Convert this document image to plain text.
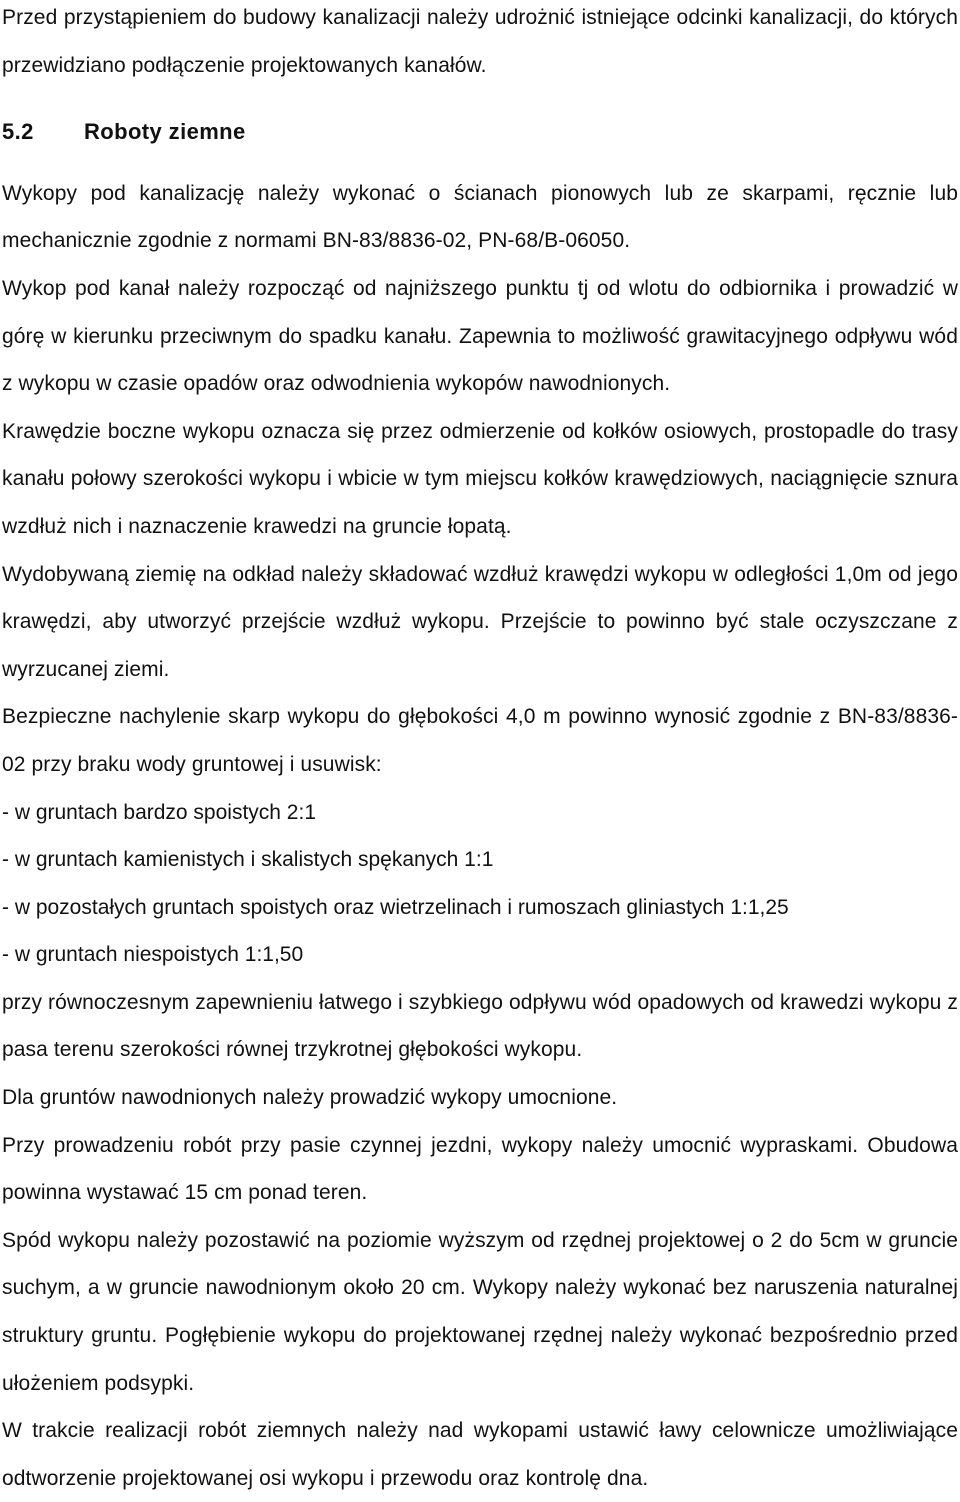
Przed przystąpieniem do budowy kanalizacji należy udrożnić istniejące odcinki kanalizacji, do których przewidziano podłączenie projektowanych kanałów.

5.2 Roboty ziemne

Wykopy pod kanalizację należy wykonać o ścianach pionowych lub ze skarpami, ręcznie lub mechanicznie zgodnie z normami BN-83/8836-02, PN-68/B-06050.

Wykop pod kanał należy rozpocząć od najniższego punktu tj od wlotu do odbiornika i prowadzić w górę w kierunku przeciwnym do spadku kanału. Zapewnia to możliwość grawitacyjnego odpływu wód z wykopu w czasie opadów oraz odwodnienia wykopów nawodnionych.

Krawędzie boczne wykopu oznacza się przez odmierzenie od kołków osiowych, prostopadle do trasy kanału połowy szerokości wykopu i wbicie w tym miejscu kołków krawędziowych, naciągnięcie sznura wzdłuż nich i naznaczenie krawedzi na gruncie łopatą.

Wydobywaną ziemię na odkład należy składować wzdłuż krawędzi wykopu w odległości 1,0m od jego krawędzi, aby utworzyć przejście wzdłuż wykopu. Przejście to powinno być stale oczyszczane z wyrzucanej ziemi.

Bezpieczne nachylenie skarp wykopu do głębokości 4,0 m powinno wynosić zgodnie z BN-83/8836-02 przy braku wody gruntowej i usuwisk:

- w gruntach bardzo spoistych 2:1

- w gruntach kamienistych i skalistych spękanych 1:1

- w pozostałych gruntach spoistych oraz wietrzelinach i rumoszach gliniastych 1:1,25

- w gruntach niespoistych 1:1,50

przy równoczesnym zapewnieniu łatwego i szybkiego odpływu wód opadowych od krawedzi wykopu z pasa terenu szerokości równej trzykrotnej głębokości wykopu.

Dla gruntów nawodnionych należy prowadzić wykopy umocnione.

Przy prowadzeniu robót przy pasie czynnej jezdni, wykopy należy umocnić wypraskami. Obudowa powinna wystawać 15 cm ponad teren.

Spód wykopu należy pozostawić na poziomie wyższym od rzędnej projektowej o 2 do 5cm w gruncie suchym, a w gruncie nawodnionym około 20 cm. Wykopy należy wykonać bez naruszenia naturalnej struktury gruntu. Pogłębienie wykopu do projektowanej rzędnej należy wykonać bezpośrednio przed ułożeniem podsypki.

W trakcie realizacji robót ziemnych należy nad wykopami ustawić ławy celownicze umożliwiające odtworzenie projektowanej osi wykopu i przewodu oraz kontrolę dna.
